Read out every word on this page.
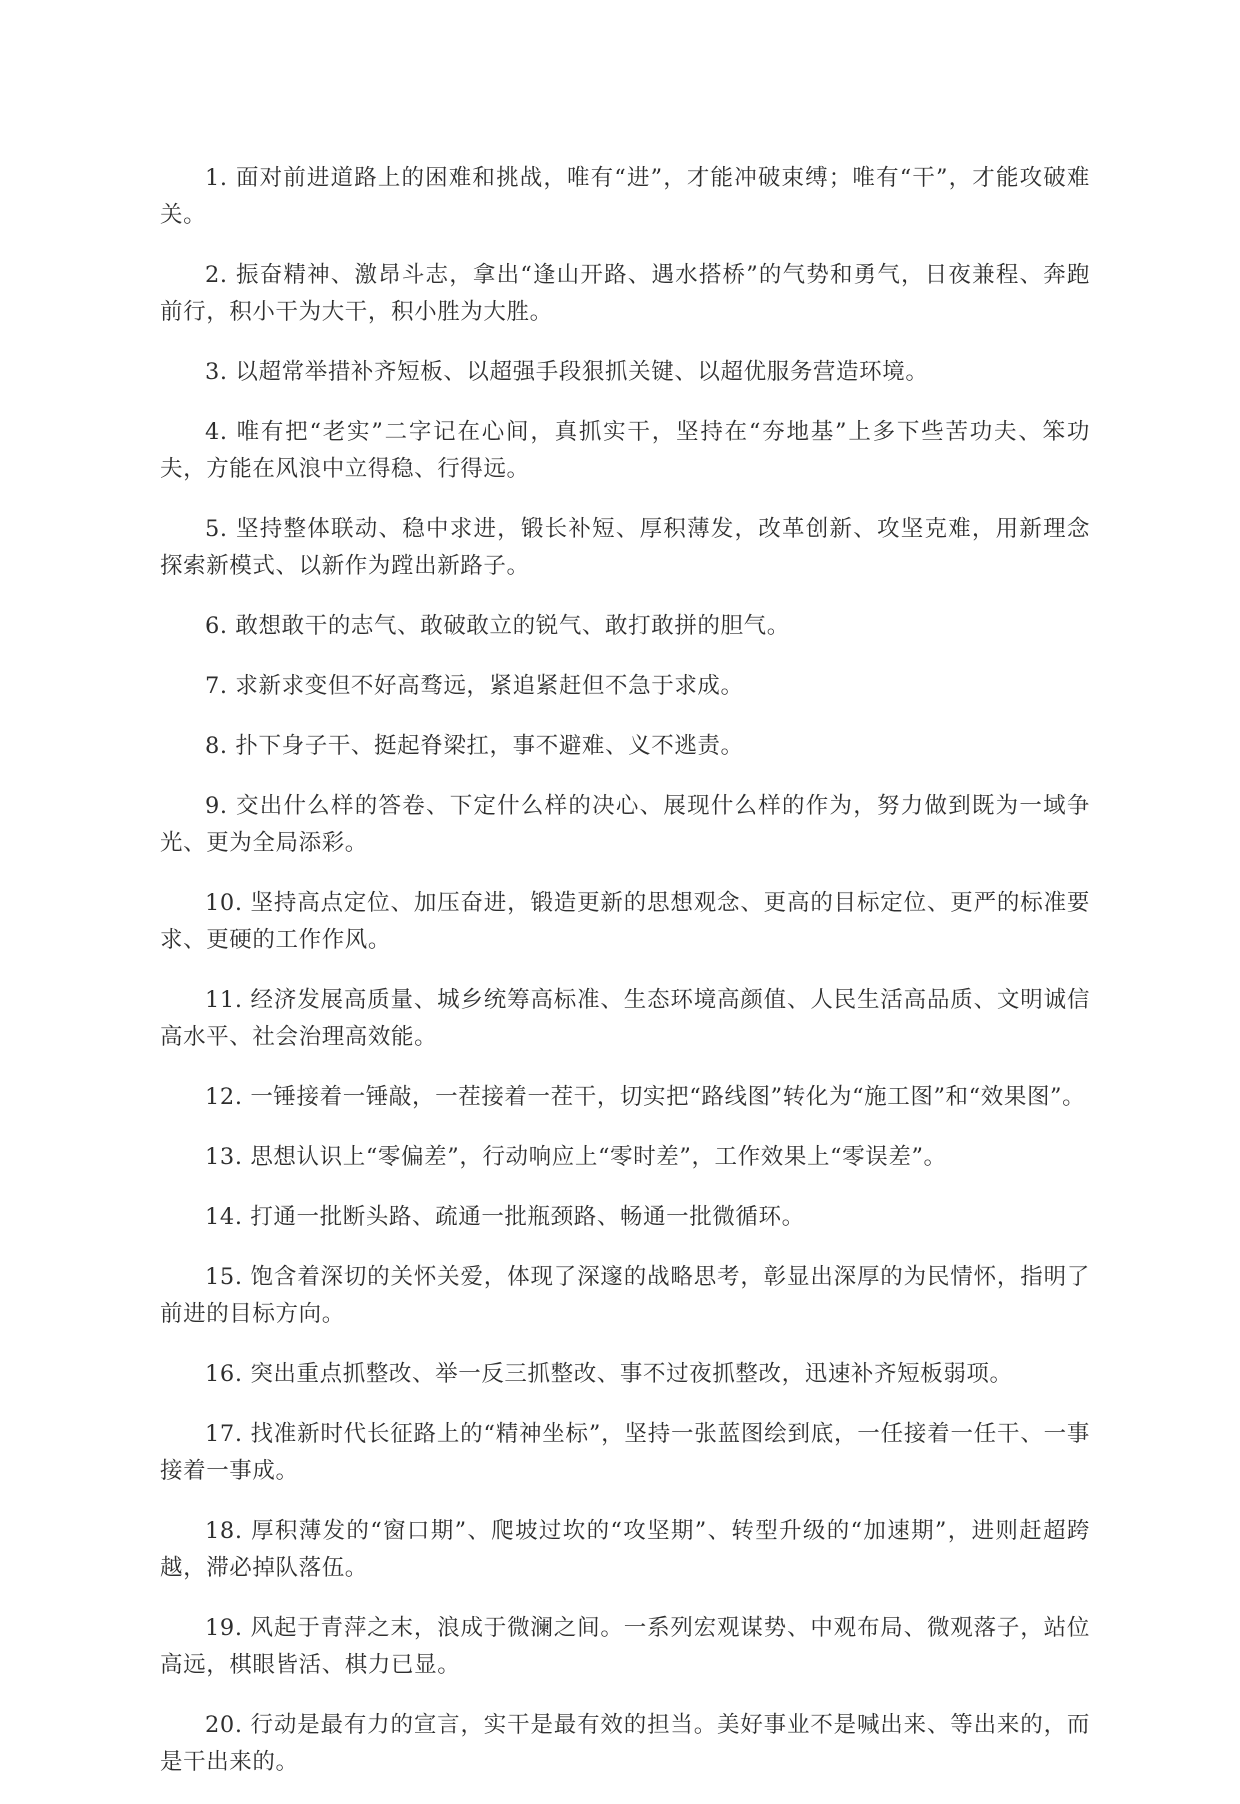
1. 面对前进道路上的困难和挑战，唯有“进”，才能冲破束缚；唯有“干”，才能攻破难关。

2. 振奋精神、激昂斗志，拿出“逢山开路、遇水搭桥”的气势和勇气，日夜兼程、奔跑前行，积小干为大干，积小胜为大胜。

3. 以超常举措补齐短板、以超强手段狠抓关键、以超优服务营造环境。

4. 唯有把“老实”二字记在心间，真抓实干，坚持在“夯地基”上多下些苦功夫、笨功夫，方能在风浪中立得稳、行得远。

5. 坚持整体联动、稳中求进，锻长补短、厚积薄发，改革创新、攻坚克难，用新理念探索新模式、以新作为蹚出新路子。

6. 敢想敢干的志气、敢破敢立的锐气、敢打敢拼的胆气。

7. 求新求变但不好高骛远，紧追紧赶但不急于求成。

8. 扑下身子干、挺起脊梁扛，事不避难、义不逃责。

9. 交出什么样的答卷、下定什么样的决心、展现什么样的作为，努力做到既为一域争光、更为全局添彩。

10. 坚持高点定位、加压奋进，锻造更新的思想观念、更高的目标定位、更严的标准要求、更硬的工作作风。

11. 经济发展高质量、城乡统筹高标准、生态环境高颜值、人民生活高品质、文明诚信高水平、社会治理高效能。

12. 一锤接着一锤敲，一茬接着一茬干，切实把“路线图”转化为“施工图”和“效果图”。

13. 思想认识上“零偏差”，行动响应上“零时差”，工作效果上“零误差”。

14. 打通一批断头路、疏通一批瓶颈路、畅通一批微循环。

15. 饱含着深切的关怀关爱，体现了深邃的战略思考，彰显出深厚的为民情怀，指明了前进的目标方向。

16. 突出重点抓整改、举一反三抓整改、事不过夜抓整改，迅速补齐短板弱项。

17. 找准新时代长征路上的“精神坐标”，坚持一张蓝图绘到底，一任接着一任干、一事接着一事成。

18. 厚积薄发的“窗口期”、爬坡过坎的“攻坚期”、转型升级的“加速期”，进则赶超跨越，滞必掉队落伍。

19. 风起于青萍之末，浪成于微澜之间。一系列宏观谋势、中观布局、微观落子，站位高远，棋眼皆活、棋力已显。

20. 行动是最有力的宣言，实干是最有效的担当。美好事业不是喊出来、等出来的，而是干出来的。
